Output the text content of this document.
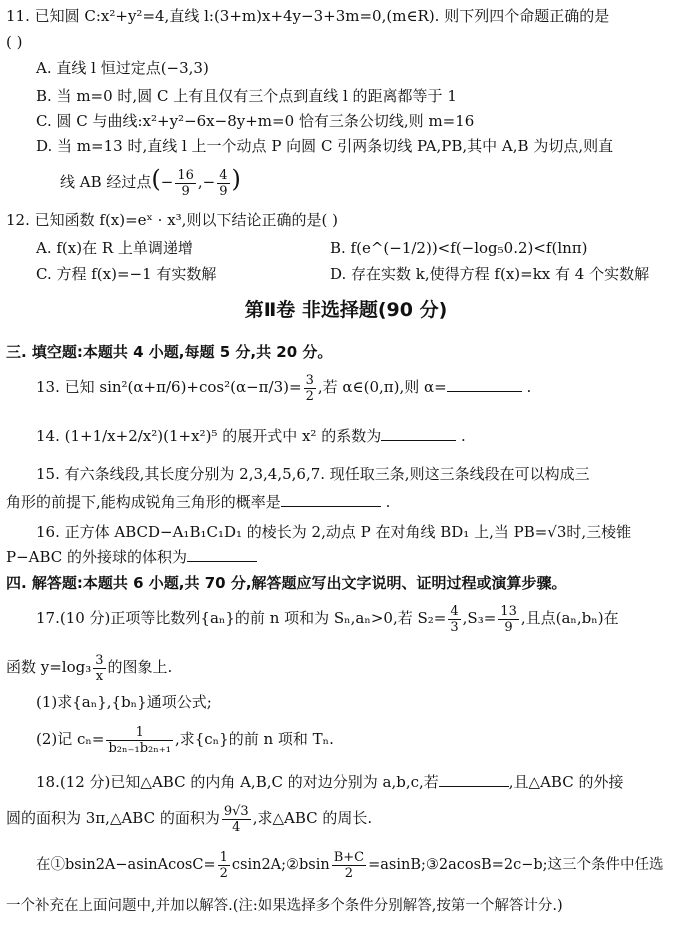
11. 已知圆 C:x²+y²=4,直线 l:(3+m)x+4y−3+3m=0,(m∈R). 则下列四个命题正确的是
( )
A. 直线 l 恒过定点(−3,3)
B. 当 m=0 时,圆 C 上有且仅有三个点到直线 l 的距离都等于 1
C. 圆 C 与曲线:x²+y²−6x−8y+m=0 恰有三条公切线,则 m=16
D. 当 m=13 时,直线 l 上一个动点 P 向圆 C 引两条切线 PA,PB,其中 A,B 为切点,则直
线 AB 经过点(− $\frac{16}{9}$ ,− $\frac{4}{9}$ )
12. 已知函数 f(x)=eˣ · x³,则以下结论正确的是( )
A. f(x)在 R 上单调递增	B. f(e^(−1/2))<f(−log₅0.2)<f(lnπ)
C. 方程 f(x)=−1 有实数解	D. 存在实数 k,使得方程 f(x)=kx 有 4 个实数解
第Ⅱ卷 非选择题(90 分)
三. 填空题:本题共 4 小题,每题 5 分,共 20 分。
13. 已知 $\sin^2(\alpha+\pi/6)+\cos^2(\alpha-\pi/3)= \frac{3}{2}$ ,若 α∈(0,π),则 α=	.
14. (1+1/x+2/x²)(1+x²)⁵ 的展开式中 x² 的系数为	.
15. 有六条线段,其长度分别为 2,3,4,5,6,7. 现任取三条,则这三条线段在可以构成三
角形的前提下,能构成锐角三角形的概率是	.
16. 正方体 ABCD−A₁B₁C₁D₁ 的棱长为 2,动点 P 在对角线 BD₁ 上,当 PB=√3时,三棱锥
P−ABC 的外接球的体积为
四. 解答题:本题共 6 小题,共 70 分,解答题应写出文字说明、证明过程或演算步骤。
17.(10 分)正项等比数列{aₙ}的前 n 项和为 Sₙ,aₙ>0,若 $S_2= \frac{4}{3} ,S_3= \frac{13}{9}$ ,且点(aₙ,bₙ)在
函数 $y=\log_3 \frac{3}{x}$ 的图象上.
(1)求{aₙ},{bₙ}通项公式;
(2)记 $c_n= \frac{1}{\text{b₂ₙ₋₁b₂ₙ₊₁}}$ ,求{cₙ}的前 n 项和 Tₙ.
18.(12 分)已知△ABC 的内角 A,B,C 的对边分别为 a,b,c,若	,且△ABC 的外接
圆的面积为 3π,△ABC 的面积为 $\frac{9√3}{4}$ ,求△ABC 的周长.
在①bsin2A−asinAcosC= $\frac{1}{2}$ csin2A;②bsin $\frac{B+C}{2}$ =asinB;③2acosB=2c−b;这三个条件中任选
一个补充在上面问题中,并加以解答.(注:如果选择多个条件分别解答,按第一个解答计分.)
